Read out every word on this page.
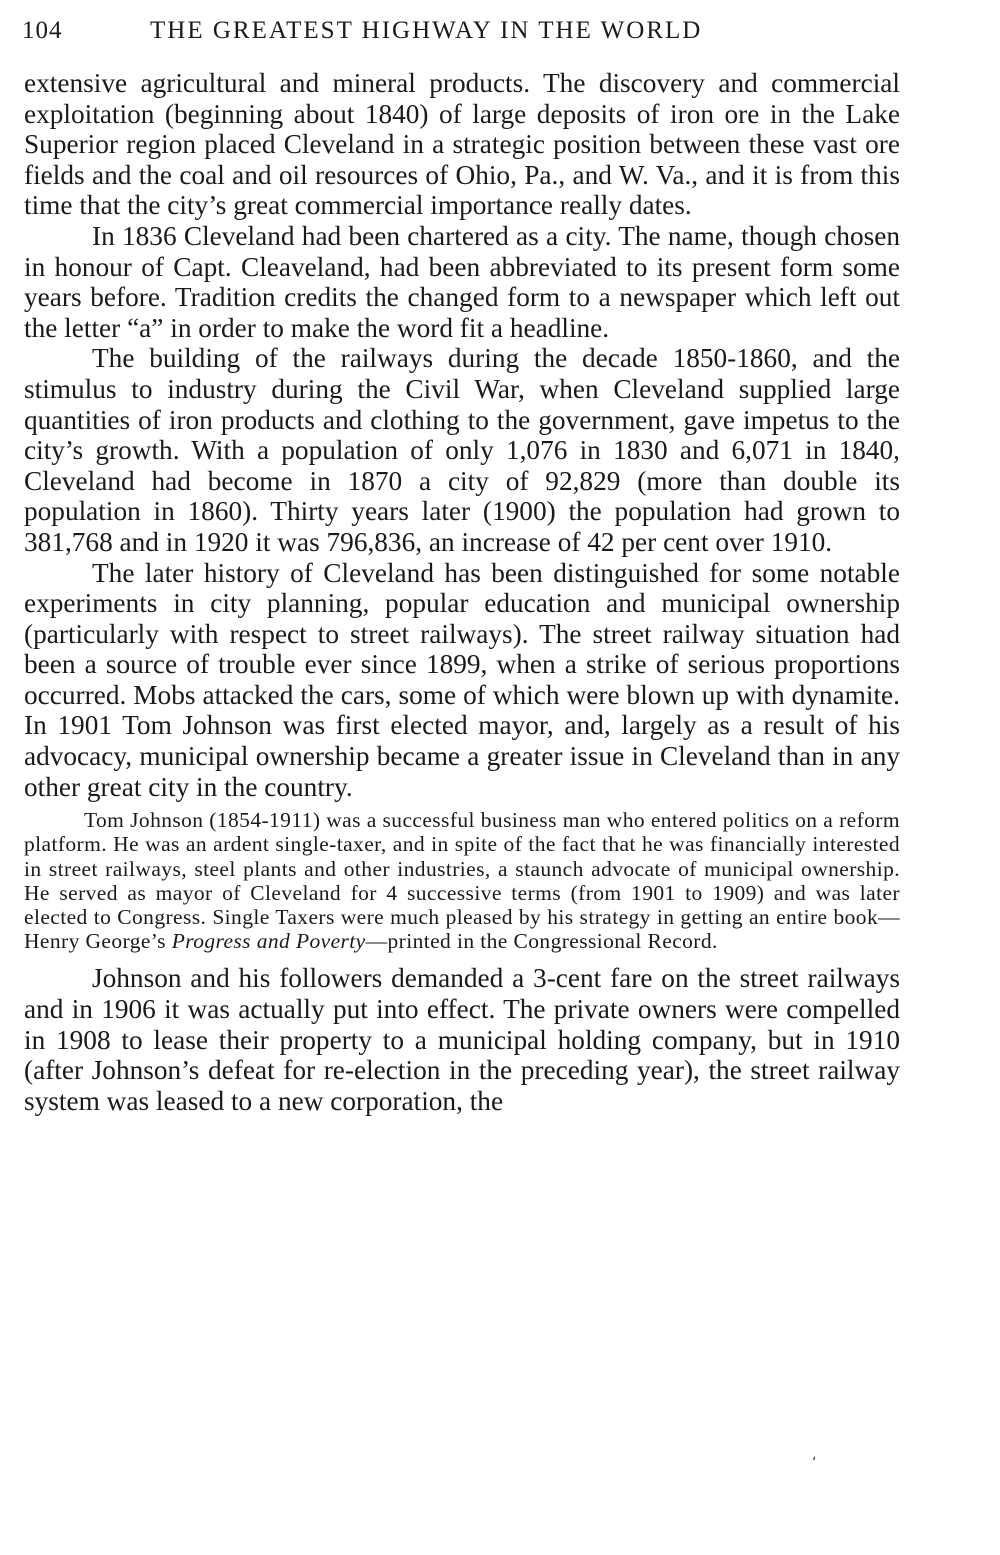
104	THE GREATEST HIGHWAY IN THE WORLD

extensive agricultural and mineral products. The discovery and commercial exploitation (beginning about 1840) of large deposits of iron ore in the Lake Superior region placed Cleveland in a strategic position between these vast ore fields and the coal and oil resources of Ohio, Pa., and W. Va., and it is from this time that the city’s great commercial importance really dates.

In 1836 Cleveland had been chartered as a city. The name, though chosen in honour of Capt. Cleaveland, had been abbreviated to its present form some years before. Tradition credits the changed form to a newspaper which left out the letter “a” in order to make the word fit a headline.

The building of the railways during the decade 1850-1860, and the stimulus to industry during the Civil War, when Cleveland supplied large quantities of iron products and clothing to the government, gave impetus to the city’s growth. With a population of only 1,076 in 1830 and 6,071 in 1840, Cleveland had become in 1870 a city of 92,829 (more than double its population in 1860). Thirty years later (1900) the population had grown to 381,768 and in 1920 it was 796,836, an increase of 42 per cent over 1910.

The later history of Cleveland has been distinguished for some notable experiments in city planning, popular education and municipal ownership (particularly with respect to street railways). The street railway situation had been a source of trouble ever since 1899, when a strike of serious proportions occurred. Mobs attacked the cars, some of which were blown up with dynamite. In 1901 Tom Johnson was first elected mayor, and, largely as a result of his advocacy, municipal ownership became a greater issue in Cleveland than in any other great city in the country.

Tom Johnson (1854-1911) was a successful business man who entered politics on a reform platform. He was an ardent single-taxer, and in spite of the fact that he was financially interested in street railways, steel plants and other industries, a staunch advocate of municipal ownership. He served as mayor of Cleveland for 4 successive terms (from 1901 to 1909) and was later elected to Congress. Single Taxers were much pleased by his strategy in getting an entire book—Henry George’s Progress and Poverty—printed in the Congressional Record.

Johnson and his followers demanded a 3-cent fare on the street railways and in 1906 it was actually put into effect. The private owners were compelled in 1908 to lease their property to a municipal holding company, but in 1910 (after Johnson’s defeat for re-election in the preceding year), the street railway system was leased to a new corporation, the

‘
